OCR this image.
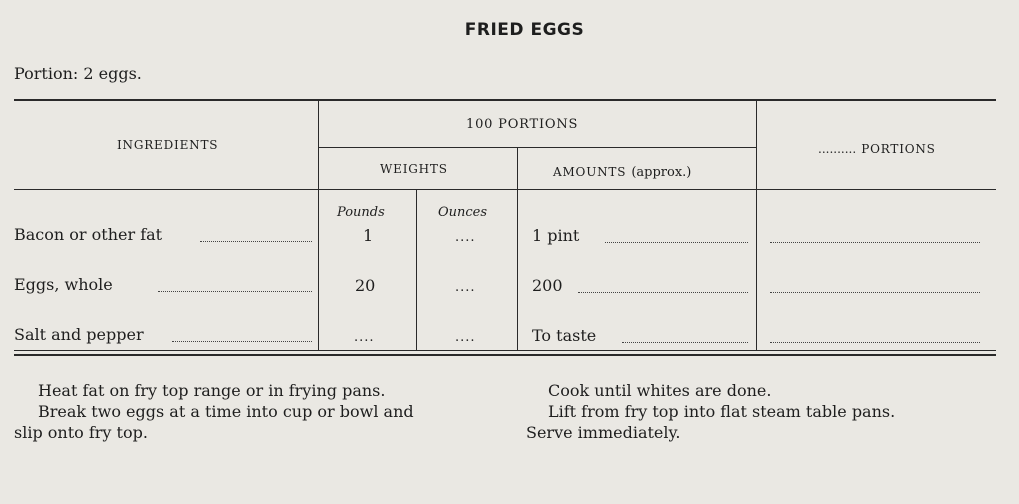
FRIED EGGS
Portion: 2 eggs.
INGREDIENTS
100 PORTIONS
WEIGHTS	AMOUNTS (approx.)
.......... PORTIONS
Pounds	Ounces
Bacon or other fat	1	....	1 pint
Eggs, whole	20	....	200
Salt and pepper	....	....	To taste
Heat fat on fry top range or in frying pans.
Break two eggs at a time into cup or bowl and
slip onto fry top.
Cook until whites are done.
Lift from fry top into flat steam table pans.
Serve immediately.
